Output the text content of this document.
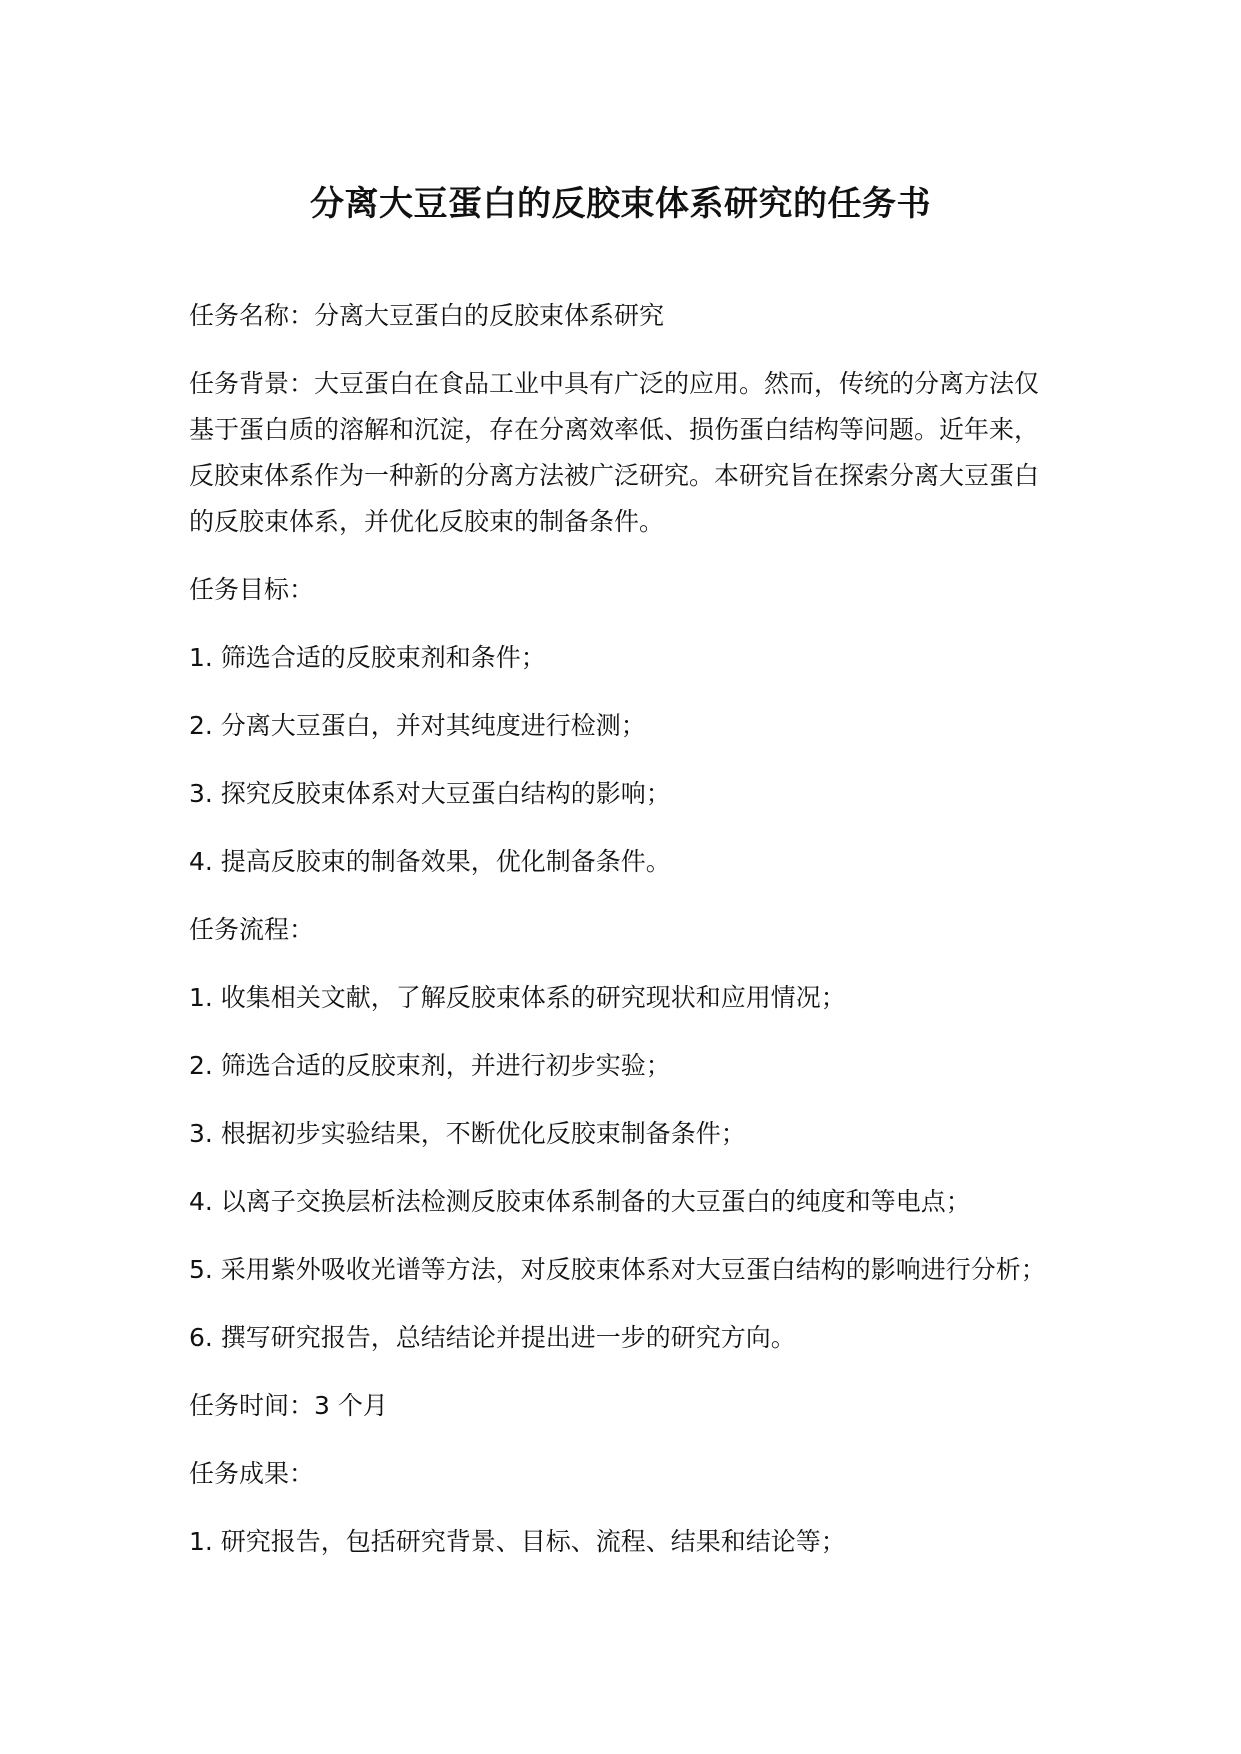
分离大豆蛋白的反胶束体系研究的任务书

任务名称：分离大豆蛋白的反胶束体系研究

任务背景：大豆蛋白在食品工业中具有广泛的应用。然而，传统的分离方法仅基于蛋白质的溶解和沉淀，存在分离效率低、损伤蛋白结构等问题。近年来，反胶束体系作为一种新的分离方法被广泛研究。本研究旨在探索分离大豆蛋白的反胶束体系，并优化反胶束的制备条件。

任务目标：

1. 筛选合适的反胶束剂和条件；

2. 分离大豆蛋白，并对其纯度进行检测；

3. 探究反胶束体系对大豆蛋白结构的影响；

4. 提高反胶束的制备效果，优化制备条件。

任务流程：

1. 收集相关文献，了解反胶束体系的研究现状和应用情况；

2. 筛选合适的反胶束剂，并进行初步实验；

3. 根据初步实验结果，不断优化反胶束制备条件；

4. 以离子交换层析法检测反胶束体系制备的大豆蛋白的纯度和等电点；

5. 采用紫外吸收光谱等方法，对反胶束体系对大豆蛋白结构的影响进行分析；

6. 撰写研究报告，总结结论并提出进一步的研究方向。

任务时间：3 个月

任务成果：

1. 研究报告，包括研究背景、目标、流程、结果和结论等；
